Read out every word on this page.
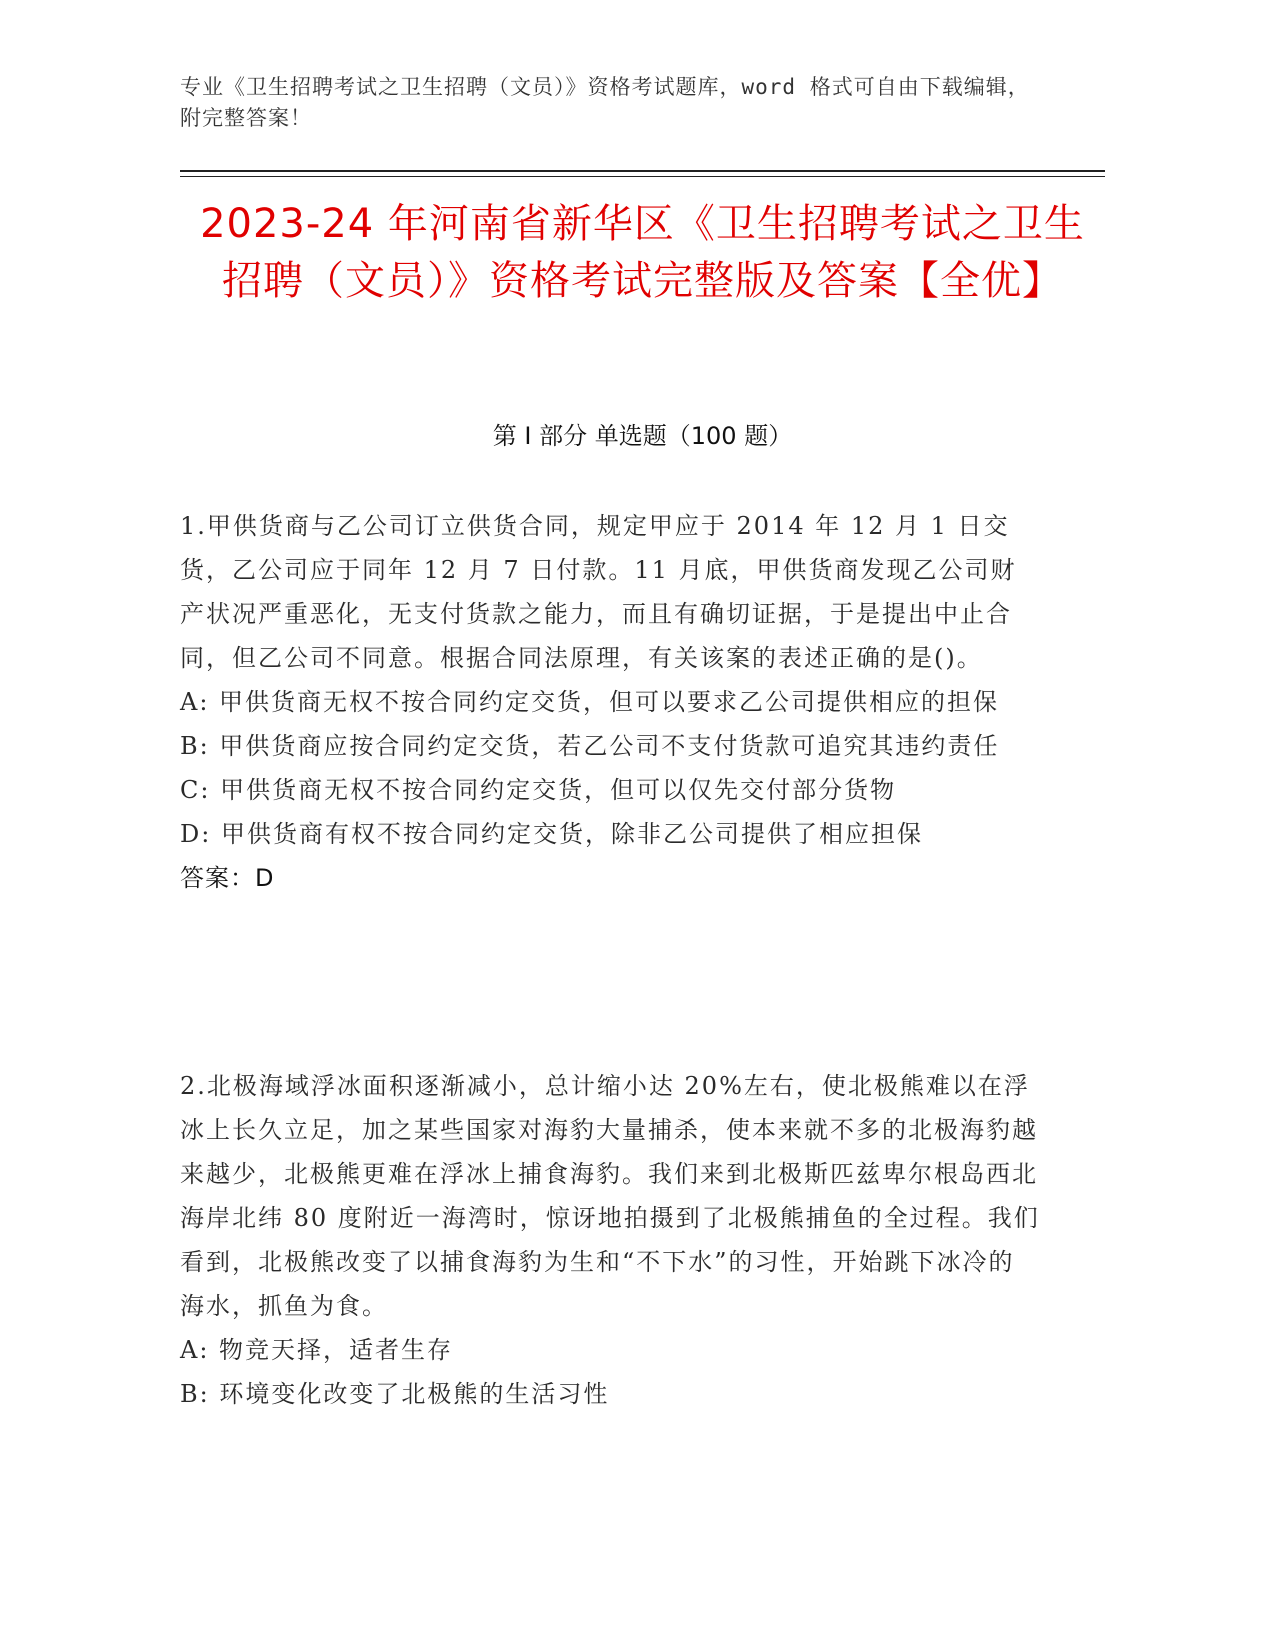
专业《卫生招聘考试之卫生招聘（文员）》资格考试题库，word 格式可自由下载编辑，附完整答案！
2023-24 年河南省新华区《卫生招聘考试之卫生招聘（文员）》资格考试完整版及答案【全优】
第 I 部分 单选题（100 题）

1.甲供货商与乙公司订立供货合同，规定甲应于 2014 年 12 月 1 日交货，乙公司应于同年 12 月 7 日付款。11 月底，甲供货商发现乙公司财产状况严重恶化，无支付货款之能力，而且有确切证据，于是提出中止合同，但乙公司不同意。根据合同法原理，有关该案的表述正确的是()。

A: 甲供货商无权不按合同约定交货，但可以要求乙公司提供相应的担保

B: 甲供货商应按合同约定交货，若乙公司不支付货款可追究其违约责任

C: 甲供货商无权不按合同约定交货，但可以仅先交付部分货物

D: 甲供货商有权不按合同约定交货，除非乙公司提供了相应担保

答案：D

2.北极海域浮冰面积逐渐减小，总计缩小达 20%左右，使北极熊难以在浮冰上长久立足，加之某些国家对海豹大量捕杀，使本来就不多的北极海豹越来越少，北极熊更难在浮冰上捕食海豹。我们来到北极斯匹兹卑尔根岛西北海岸北纬 80 度附近一海湾时，惊讶地拍摄到了北极熊捕鱼的全过程。我们看到，北极熊改变了以捕食海豹为生和“不下水”的习性，开始跳下冰冷的海水，抓鱼为食。

A: 物竞天择，适者生存

B: 环境变化改变了北极熊的生活习性
